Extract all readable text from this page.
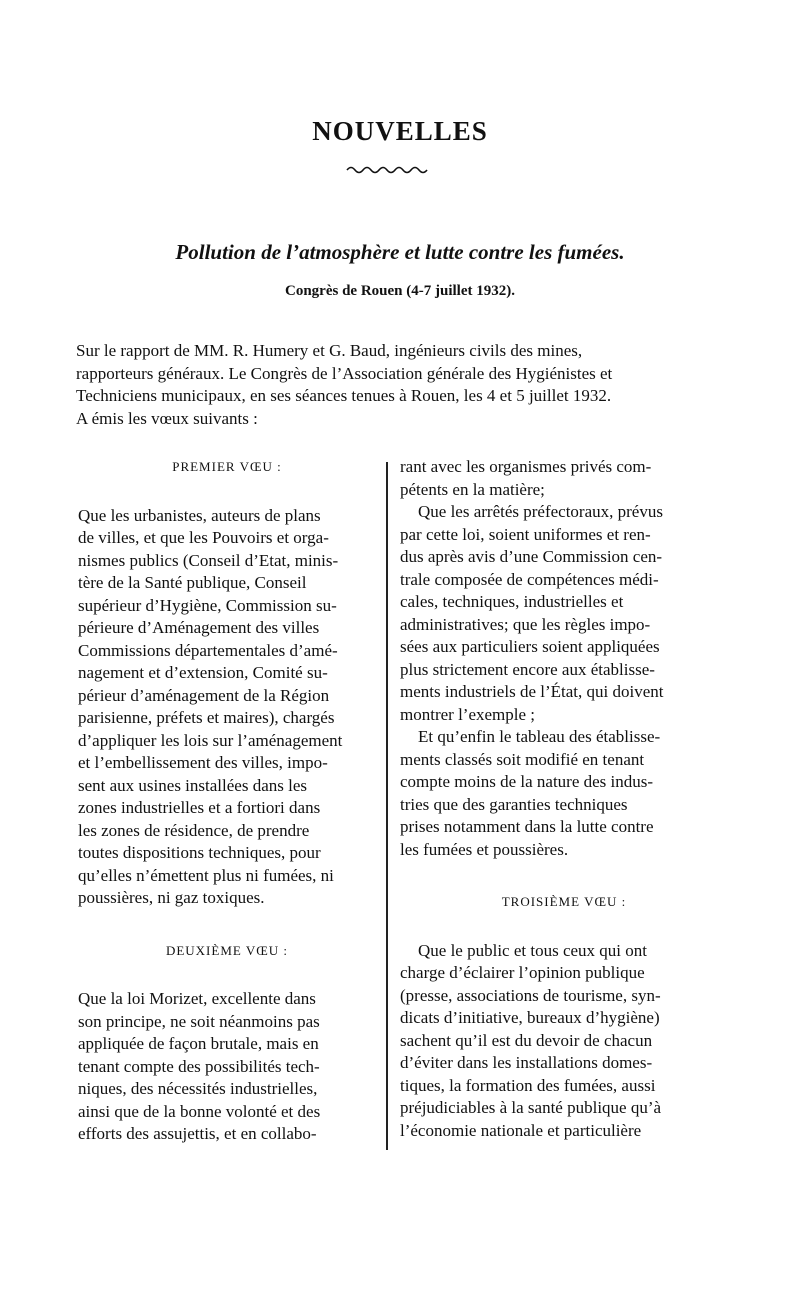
NOUVELLES
Pollution de l’atmosphère et lutte contre les fumées.
Congrès de Rouen (4-7 juillet 1932).

Sur le rapport de MM. R. Humery et G. Baud, ingénieurs civils des mines,
rapporteurs généraux. Le Congrès de l’Association générale des Hygiénistes et
Techniciens municipaux, en ses séances tenues à Rouen, les 4 et 5 juillet 1932.
A émis les vœux suivants :

PREMIER VŒU :

Que les urbanistes, auteurs de plans
de villes, et que les Pouvoirs et orga-
nismes publics (Conseil d’Etat, minis-
tère de la Santé publique, Conseil
supérieur d’Hygiène, Commission su-
périeure d’Aménagement des villes
Commissions départementales d’amé-
nagement et d’extension, Comité su-
périeur d’aménagement de la Région
parisienne, préfets et maires), chargés
d’appliquer les lois sur l’aménagement
et l’embellissement des villes, impo-
sent aux usines installées dans les
zones industrielles et a fortiori dans
les zones de résidence, de prendre
toutes dispositions techniques, pour
qu’elles n’émettent plus ni fumées, ni
poussières, ni gaz toxiques.

DEUXIÈME VŒU :

Que la loi Morizet, excellente dans
son principe, ne soit néanmoins pas
appliquée de façon brutale, mais en
tenant compte des possibilités tech-
niques, des nécessités industrielles,
ainsi que de la bonne volonté et des
efforts des assujettis, et en collabo-

rant avec les organismes privés com-
pétents en la matière;

Que les arrêtés préfectoraux, prévus
par cette loi, soient uniformes et ren-
dus après avis d’une Commission cen-
trale composée de compétences médi-
cales, techniques, industrielles et
administratives; que les règles impo-
sées aux particuliers soient appliquées
plus strictement encore aux établisse-
ments industriels de l’État, qui doivent
montrer l’exemple ;

Et qu’enfin le tableau des établisse-
ments classés soit modifié en tenant
compte moins de la nature des indus-
tries que des garanties techniques
prises notamment dans la lutte contre
les fumées et poussières.

TROISIÈME VŒU :

Que le public et tous ceux qui ont
charge d’éclairer l’opinion publique
(presse, associations de tourisme, syn-
dicats d’initiative, bureaux d’hygiène)
sachent qu’il est du devoir de chacun
d’éviter dans les installations domes-
tiques, la formation des fumées, aussi
préjudiciables à la santé publique qu’à
l’économie nationale et particulière
